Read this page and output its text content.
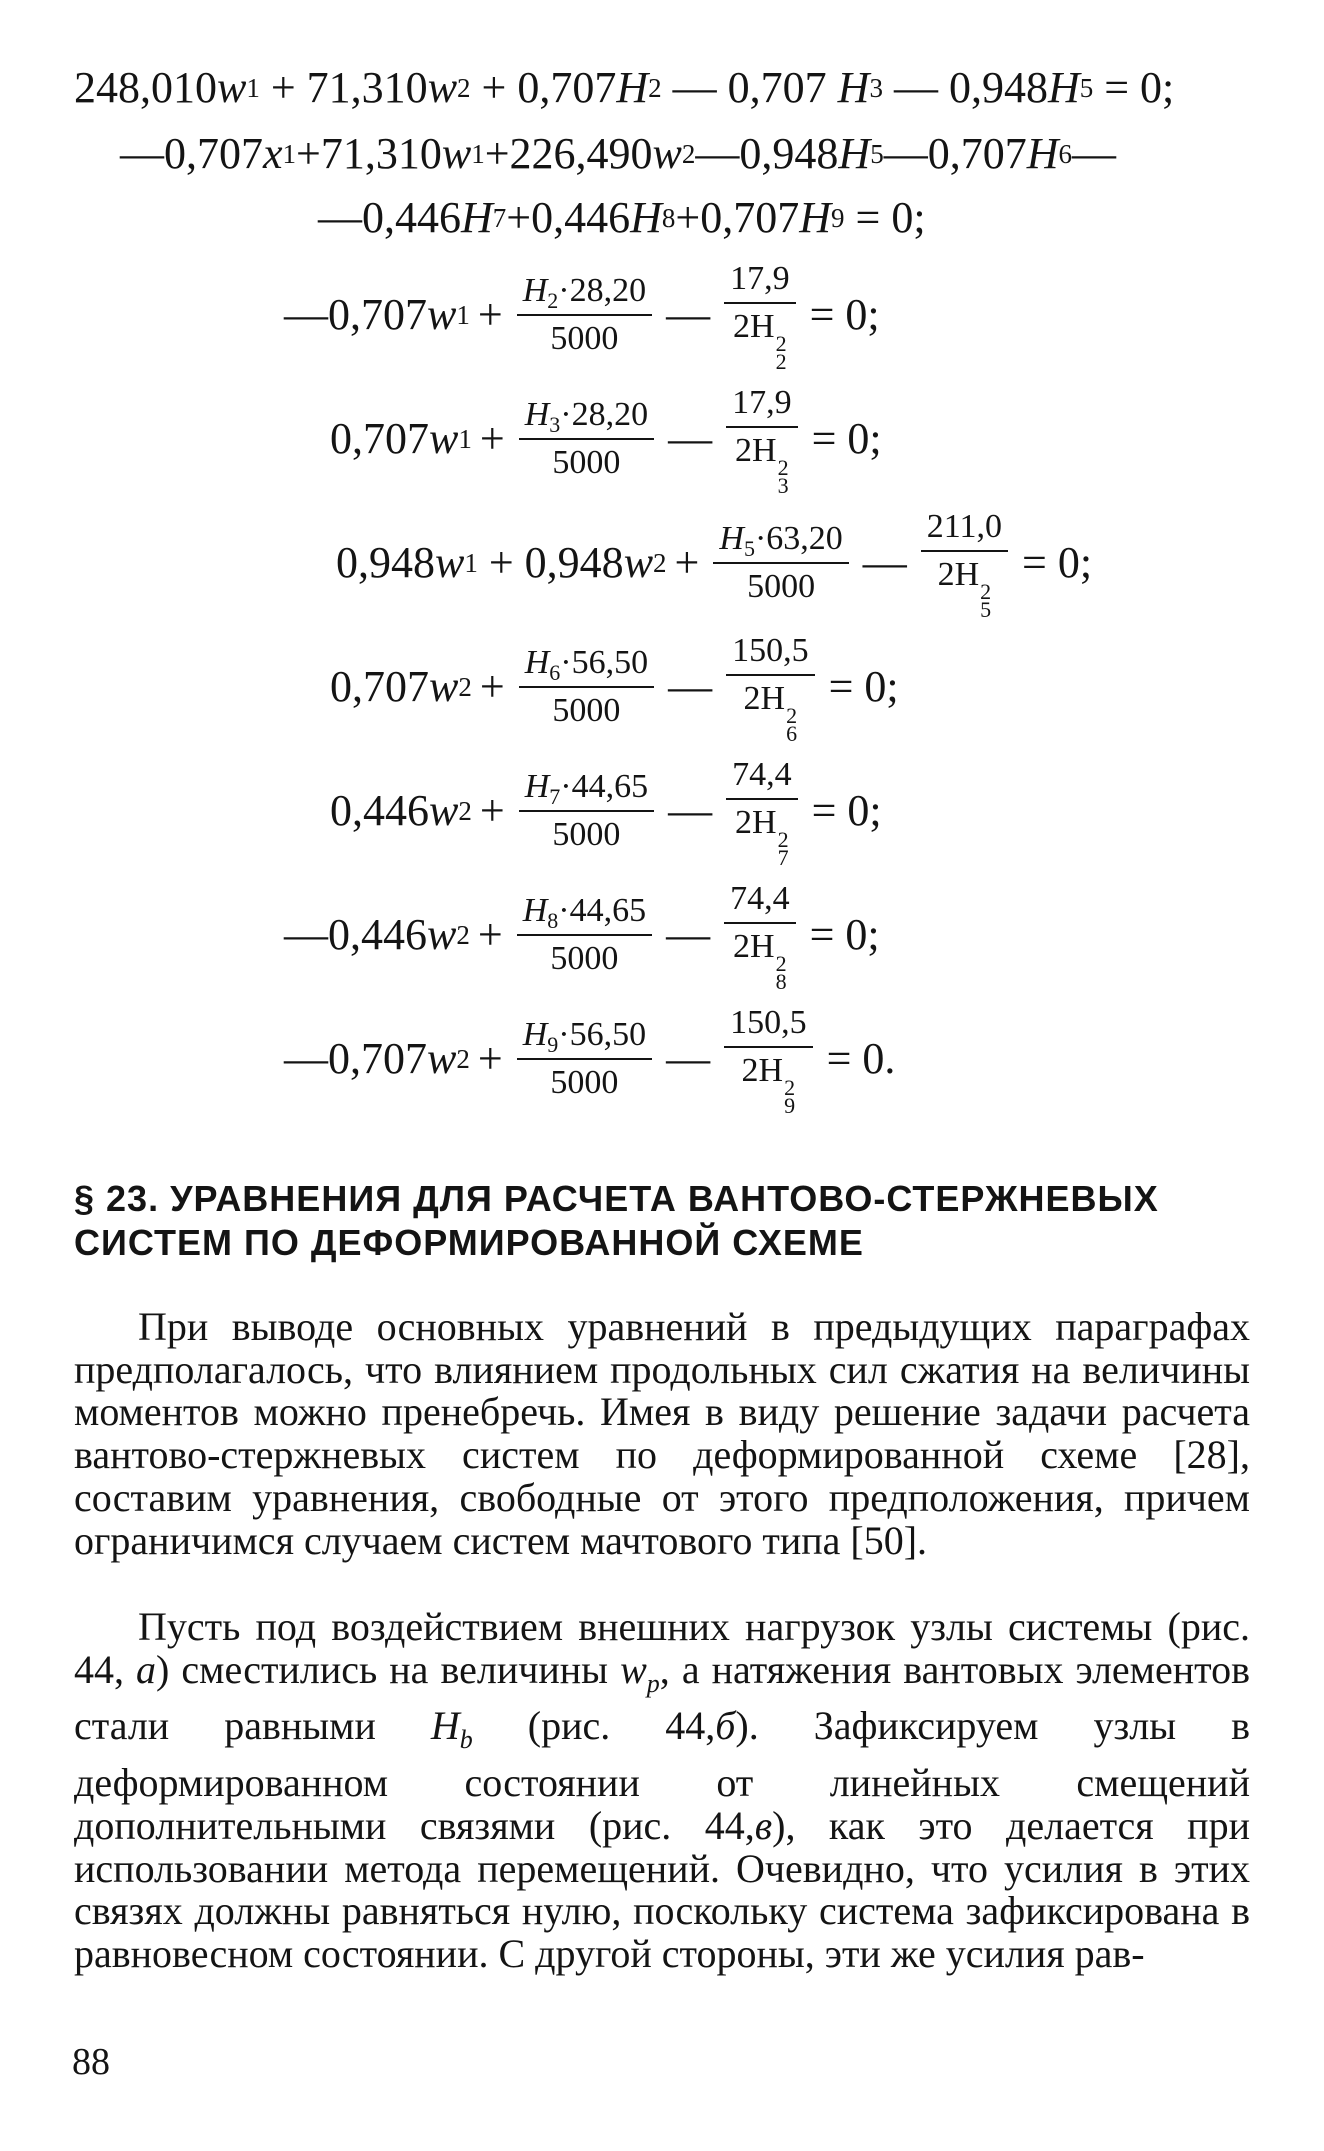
248,010 w 1 + 71,310 w 2 + 0,707 H 2 — 0,707 H 3 — 0,948 H 5 = 0;
—0,707 x 1 +71,310 w 1 +226,490 w 2 —0,948 H 5 —0,707 H 6 —
—0,446 H 7 +0,446 H 8 +0,707 H 9 = 0;
—0,707 w $1 + \frac{H_2\cdot 28,20}{5000}$ — 17,9
2H 2
2 = 0;
0,707 w $1 + \frac{H_3\cdot 28,20}{5000}$ — 17,9
2H 2
3 = 0;
0,948 w 1 + 0,948 w $2 + \frac{H_5\cdot 63,20}{5000}$ — 211,0
2H 2
5 = 0;
0,707 w $2 + \frac{H_6\cdot 56,50}{5000}$ — 150,5
2H 2
6 = 0;
0,446 w $2 + \frac{H_7\cdot 44,65}{5000}$ — 74,4
2H 2
7 = 0;
—0,446 w $2 + \frac{H_8\cdot 44,65}{5000}$ — 74,4
2H 2
8 = 0;
—0,707 w $2 + \frac{H_9\cdot 56,50}{5000}$ — 150,5
2H 2
9 = 0.
§ 23. УРАВНЕНИЯ ДЛЯ РАСЧЕТА ВАНТОВО-СТЕРЖНЕВЫХ
СИСТЕМ ПО ДЕФОРМИРОВАННОЙ СХЕМЕ
При выводе основных уравнений в предыдущих параграфах предполагалось, что влиянием продольных сил сжатия на величины моментов можно пренебречь. Имея в виду решение задачи расчета вантово-стержневых систем по деформированной схеме [28], составим уравнения, свободные от этого предположения, причем ограничимся случаем систем мачтового типа [50].
Пусть под воздействием внешних нагрузок узлы системы (рис. 44, а) сместились на величины $w_p$, а натяжения вантовых элементов стали равными $H_b$ (рис. 44,б). Зафиксируем узлы в деформированном состоянии от линейных смещений дополнительными связями (рис. 44,в), как это делается при использовании метода перемещений. Очевидно, что усилия в этих связях должны равняться нулю, поскольку система зафиксирована в равновесном состоянии. С другой стороны, эти же усилия рав-
88
